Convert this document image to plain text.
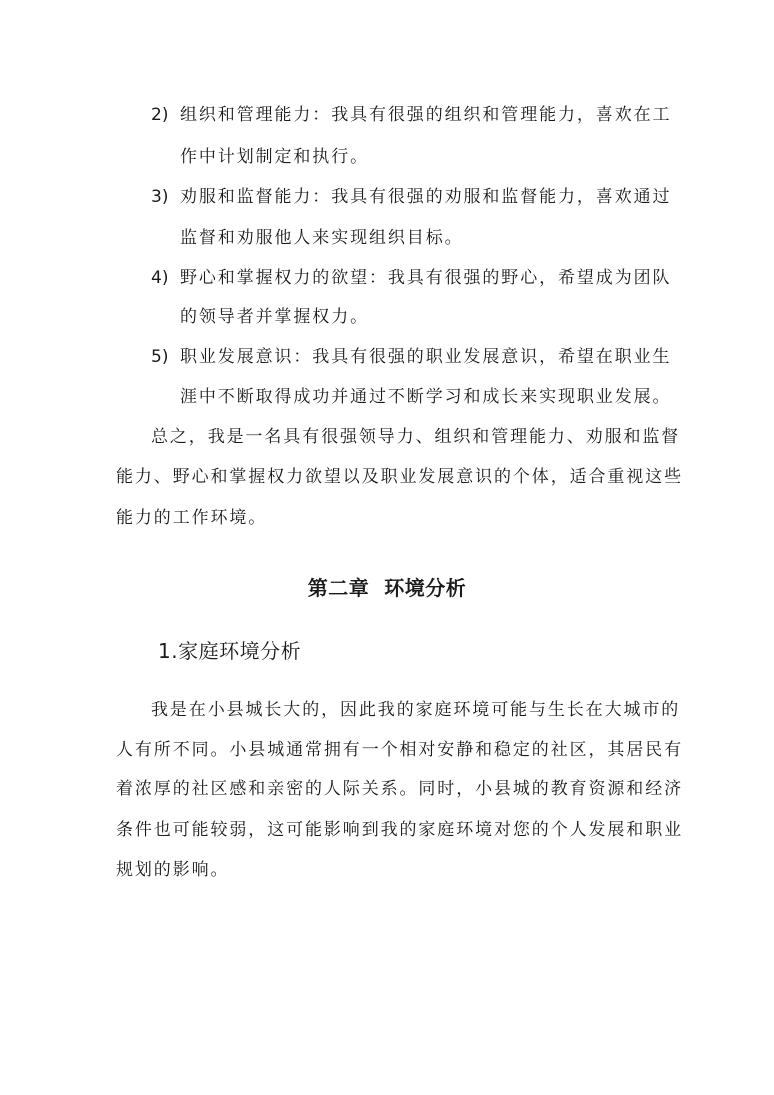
2) 组织和管理能力：我具有很强的组织和管理能力，喜欢在工
作中计划制定和执行。
3) 劝服和监督能力：我具有很强的劝服和监督能力，喜欢通过
监督和劝服他人来实现组织目标。
4) 野心和掌握权力的欲望：我具有很强的野心，希望成为团队
的领导者并掌握权力。
5) 职业发展意识：我具有很强的职业发展意识，希望在职业生
涯中不断取得成功并通过不断学习和成长来实现职业发展。
总之，我是一名具有很强领导力、组织和管理能力、劝服和监督
能力、野心和掌握权力欲望以及职业发展意识的个体，适合重视这些
能力的工作环境。
第二章  环境分析
1.家庭环境分析
我是在小县城长大的，因此我的家庭环境可能与生长在大城市的
人有所不同。小县城通常拥有一个相对安静和稳定的社区，其居民有
着浓厚的社区感和亲密的人际关系。同时，小县城的教育资源和经济
条件也可能较弱，这可能影响到我的家庭环境对您的个人发展和职业
规划的影响。
